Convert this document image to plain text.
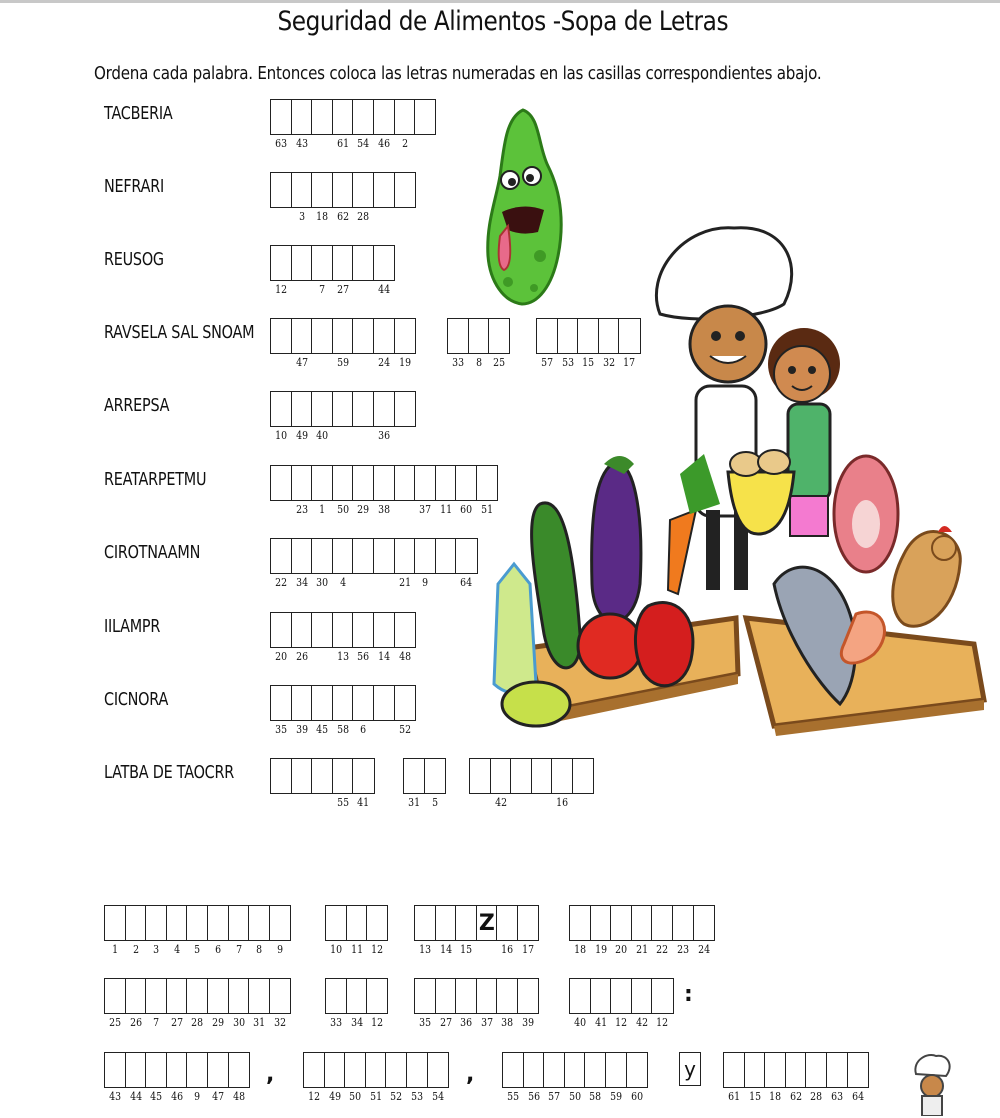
Seguridad de Alimentos -Sopa de Letras
Ordena cada palabra. Entonces coloca las letras numeradas en las casillas correspondientes abajo.
TACBERIA
63 43	61 54 46	2
NEFRARI
3	18 62 28
REUSOG
12	7	27	44
RAVSELA SAL SNOAM
47	59	24 19	33	8	25	57 53 15 32 17
ARREPSA
10 49 40	36
REATARPETMU
23	1	50 29 38	37 11 60 51
CIROTNAAMN
22 34 30	4	21	9	64
IILAMPR
20 26	13 56 14 48
CICNORA
35 39 45 58	6	52
LATBA DE TAOCRR
55 41	31	5	42	16
1	2	3	4	5	6	7	8	9	10 11 12	13 14 15
Z
16 17	18 19 20 21 22 23 24
25 26	7	27 28 29 30 31 32	33 34 12	35 27 36 37 38 39	40 41 12 42 12
43 44 45 46	9	47 48	12 49 50 51 52 53 54	55 56 57 50 58 59 60	61 15 18 62 28 63 64
:
,	,	y
